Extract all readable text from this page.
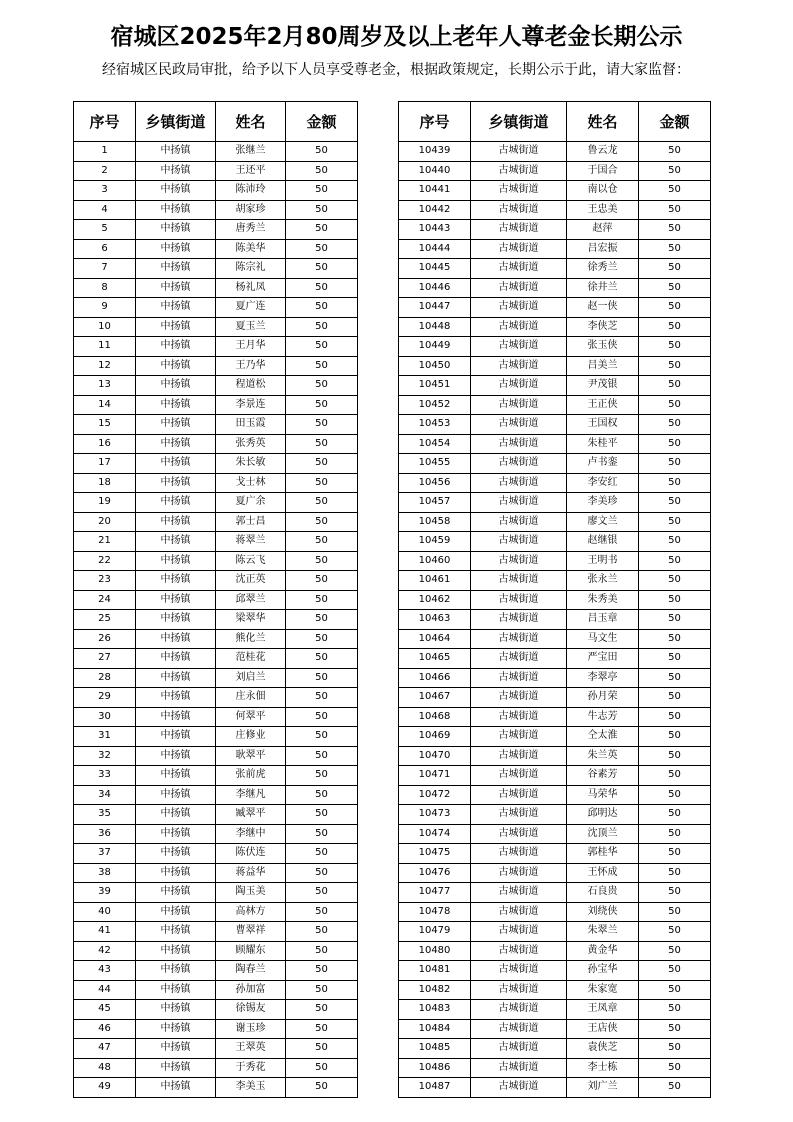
宿城区2025年2月80周岁及以上老年人尊老金长期公示
经宿城区民政局审批，给予以下人员享受尊老金，根据政策规定，长期公示于此，请大家监督：
序号	乡镇街道	姓名	金额
1	中扬镇	张继兰	50
2	中扬镇	王还平	50
3	中扬镇	陈沛玲	50
4	中扬镇	胡家珍	50
5	中扬镇	唐秀兰	50
6	中扬镇	陈美华	50
7	中扬镇	陈宗礼	50
8	中扬镇	杨礼凤	50
9	中扬镇	夏广连	50
10	中扬镇	夏玉兰	50
11	中扬镇	王月华	50
12	中扬镇	王乃华	50
13	中扬镇	程道松	50
14	中扬镇	李景连	50
15	中扬镇	田玉霞	50
16	中扬镇	张秀英	50
17	中扬镇	朱长敏	50
18	中扬镇	戈士林	50
19	中扬镇	夏广余	50
20	中扬镇	郭士昌	50
21	中扬镇	蒋翠兰	50
22	中扬镇	陈云飞	50
23	中扬镇	沈正英	50
24	中扬镇	邱翠兰	50
25	中扬镇	梁翠华	50
26	中扬镇	熊化兰	50
27	中扬镇	范桂花	50
28	中扬镇	刘启兰	50
29	中扬镇	庄永佃	50
30	中扬镇	何翠平	50
31	中扬镇	庄修业	50
32	中扬镇	耿翠平	50
33	中扬镇	张前虎	50
34	中扬镇	李继凡	50
35	中扬镇	臧翠平	50
36	中扬镇	李继中	50
37	中扬镇	陈伏连	50
38	中扬镇	蒋益华	50
39	中扬镇	陶玉美	50
40	中扬镇	高林方	50
41	中扬镇	曹翠祥	50
42	中扬镇	顾耀东	50
43	中扬镇	陶春兰	50
44	中扬镇	孙加富	50
45	中扬镇	徐锡友	50
46	中扬镇	谢玉珍	50
47	中扬镇	王翠英	50
48	中扬镇	于秀花	50
49	中扬镇	李美玉	50
序号	乡镇街道	姓名	金额
10439	古城街道	鲁云龙	50
10440	古城街道	于国合	50
10441	古城街道	南以仓	50
10442	古城街道	王忠美	50
10443	古城街道	赵萍	50
10444	古城街道	吕宏振	50
10445	古城街道	徐秀兰	50
10446	古城街道	徐井兰	50
10447	古城街道	赵一侠	50
10448	古城街道	李侠芝	50
10449	古城街道	张玉侠	50
10450	古城街道	吕美兰	50
10451	古城街道	尹茂银	50
10452	古城街道	王正侠	50
10453	古城街道	王国权	50
10454	古城街道	朱桂平	50
10455	古城街道	卢书銮	50
10456	古城街道	李安红	50
10457	古城街道	李美珍	50
10458	古城街道	廖文兰	50
10459	古城街道	赵继银	50
10460	古城街道	王明书	50
10461	古城街道	张永兰	50
10462	古城街道	朱秀美	50
10463	古城街道	吕玉章	50
10464	古城街道	马文生	50
10465	古城街道	严宝田	50
10466	古城街道	李翠亭	50
10467	古城街道	孙月荣	50
10468	古城街道	牛志芳	50
10469	古城街道	仝太淮	50
10470	古城街道	朱兰英	50
10471	古城街道	谷素芳	50
10472	古城街道	马荣华	50
10473	古城街道	邱明达	50
10474	古城街道	沈顶兰	50
10475	古城街道	郭桂华	50
10476	古城街道	王怀成	50
10477	古城街道	石良贵	50
10478	古城街道	刘绕侠	50
10479	古城街道	朱翠兰	50
10480	古城街道	黄金华	50
10481	古城街道	孙宝华	50
10482	古城街道	朱家宽	50
10483	古城街道	王凤章	50
10484	古城街道	王店侠	50
10485	古城街道	袁侠芝	50
10486	古城街道	李士栋	50
10487	古城街道	刘广兰	50
